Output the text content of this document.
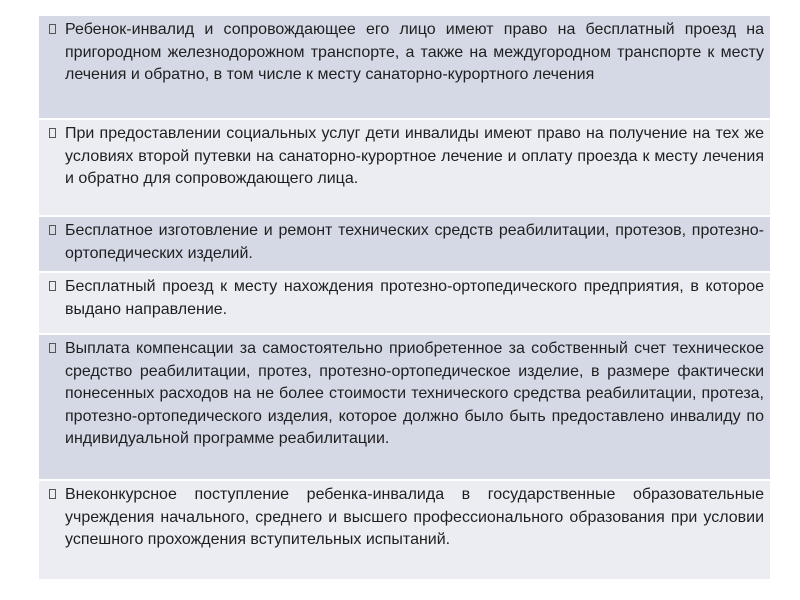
Ребенок-инвалид и сопровождающее его лицо имеют право на бесплатный проезд на пригородном железнодорожном транспорте, а также на междугородном транспорте к месту лечения и обратно, в том числе к месту санаторно-курортного лечения
При предоставлении социальных услуг дети инвалиды имеют право на получение на тех же условиях второй путевки на санаторно-курортное лечение и оплату проезда к месту лечения и обратно для сопровождающего лица.
Бесплатное изготовление и ремонт технических средств реабилитации, протезов, протезно-ортопедических изделий.
Бесплатный проезд к месту нахождения протезно-ортопедического предприятия, в которое выдано направление.
Выплата компенсации за самостоятельно приобретенное за собственный счет техническое средство реабилитации, протез, протезно-ортопедическое изделие, в размере фактически понесенных расходов на не более стоимости технического средства реабилитации, протеза, протезно-ортопедического изделия, которое должно было быть предоставлено инвалиду по индивидуальной программе реабилитации.
Внеконкурсное поступление ребенка-инвалида в государственные образовательные учреждения начального, среднего и высшего профессионального образования при условии успешного прохождения вступительных испытаний.
